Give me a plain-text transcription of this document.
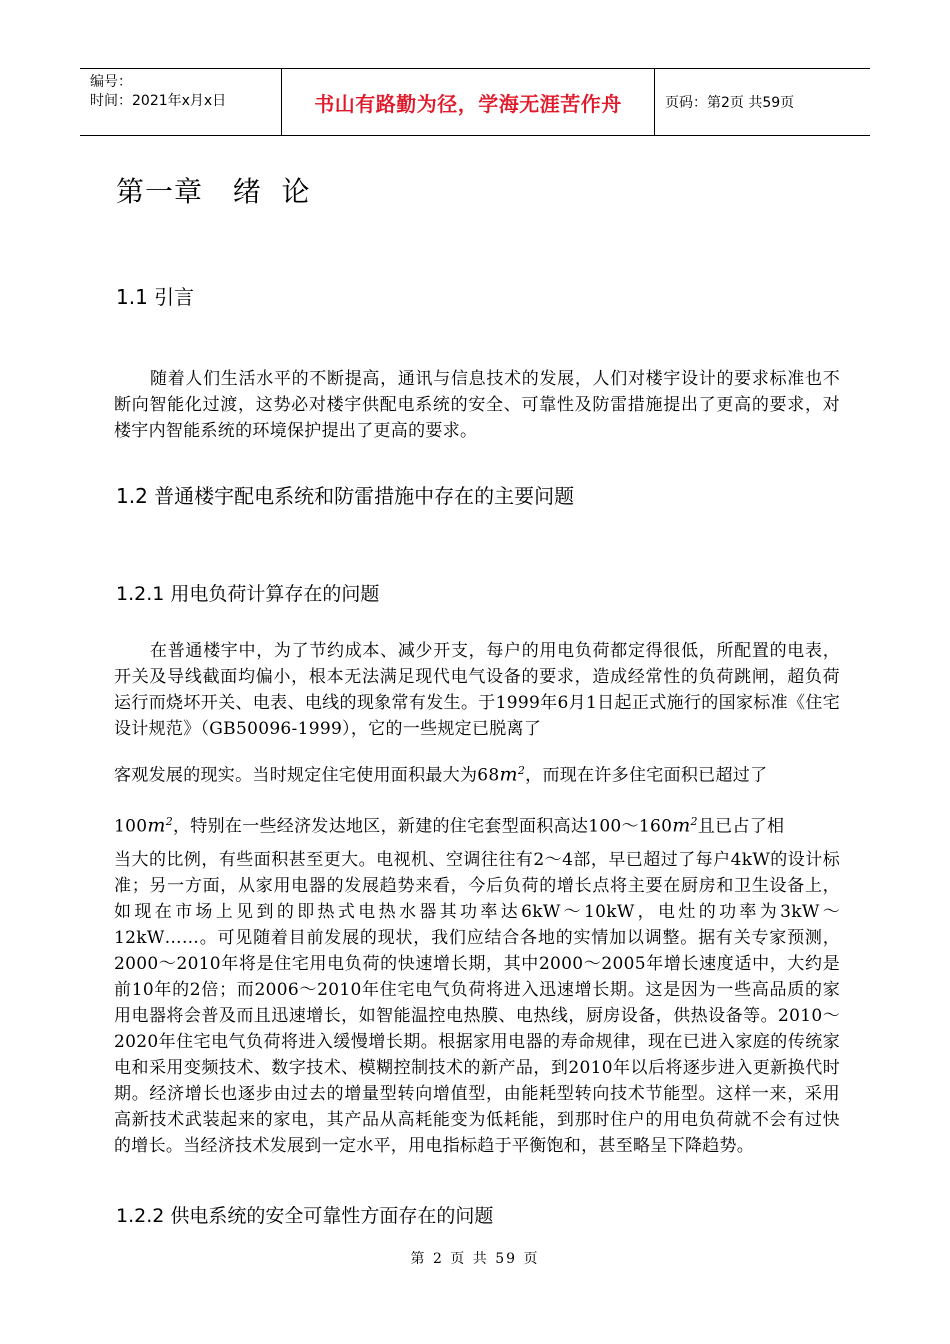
编号：
时间：2021年x月x日	书山有路勤为径，学海无涯苦作舟	页码：第2页 共59页
第一章   绪  论
1.1 引言

随着人们生活水平的不断提高，通讯与信息技术的发展，人们对楼宇设计的要求标准也不断向智能化过渡，这势必对楼宇供配电系统的安全、可靠性及防雷措施提出了更高的要求，对楼宇内智能系统的环境保护提出了更高的要求。

1.2 普通楼宇配电系统和防雷措施中存在的主要问题
1.2.1 用电负荷计算存在的问题
在普通楼宇中，为了节约成本、减少开支，每户的用电负荷都定得很低，所配置的电表，开关及导线截面均偏小，根本无法满足现代电气设备的要求，造成经常性的负荷跳闸，超负荷运行而烧坏开关、电表、电线的现象常有发生。于1999年6月1日起正式施行的国家标准《住宅设计规范》（GB50096-1999），它的一些规定已脱离了

客观发展的现实。当时规定住宅使用面积最大为$68m^2$，而现在许多住宅面积已超过了
$100m^2$，特别在一些经济发达地区，新建的住宅套型面积高达$100\sim 160m^2$且已占了相
当大的比例，有些面积甚至更大。电视机、空调往往有2～4部，早已超过了每户4kW的设计标准；另一方面，从家用电器的发展趋势来看，今后负荷的增长点将主要在厨房和卫生设备上，如现在市场上见到的即热式电热水器其功率达6kW～10kW，电灶的功率为3kW～12kW……。可见随着目前发展的现状，我们应结合各地的实情加以调整。据有关专家预测，2000～2010年将是住宅用电负荷的快速增长期，其中2000～2005年增长速度适中，大约是前10年的2倍；而2006～2010年住宅电气负荷将进入迅速增长期。这是因为一些高品质的家用电器将会普及而且迅速增长，如智能温控电热膜、电热线，厨房设备，供热设备等。2010～2020年住宅电气负荷将进入缓慢增长期。根据家用电器的寿命规律，现在已进入家庭的传统家电和采用变频技术、数字技术、模糊控制技术的新产品，到2010年以后将逐步进入更新换代时期。经济增长也逐步由过去的增量型转向增值型，由能耗型转向技术节能型。这样一来，采用高新技术武装起来的家电，其产品从高耗能变为低耗能，到那时住户的用电负荷就不会有过快的增长。当经济技术发展到一定水平，用电指标趋于平衡饱和，甚至略呈下降趋势。
1.2.2 供电系统的安全可靠性方面存在的问题
第 2 页 共 59 页
